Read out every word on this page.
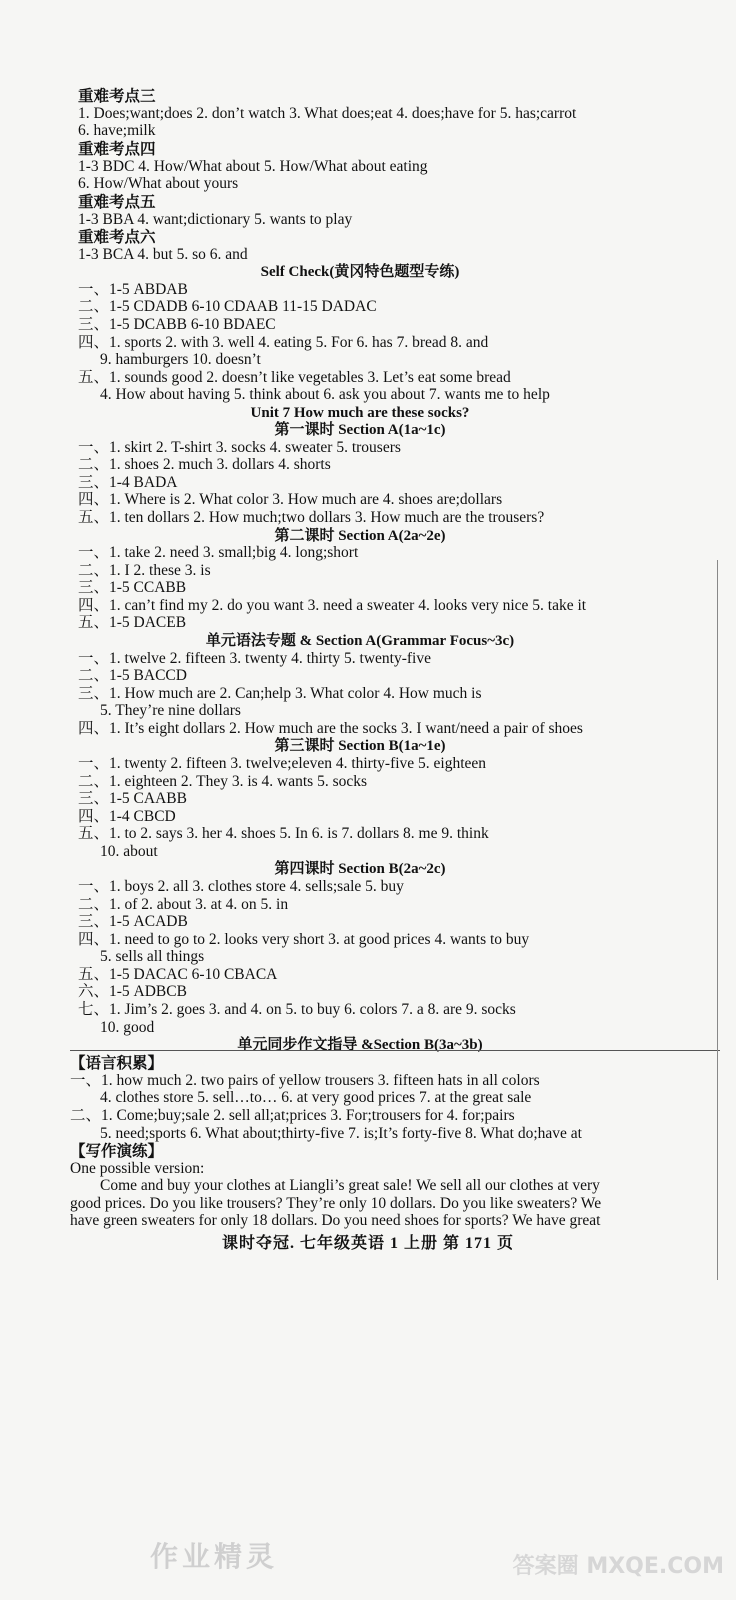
重难考点三
1. Does;want;does 2. don’t watch 3. What does;eat 4. does;have for 5. has;carrot
6. have;milk
重难考点四
1-3 BDC 4. How/What about 5. How/What about eating
6. How/What about yours
重难考点五
1-3 BBA 4. want;dictionary 5. wants to play
重难考点六
1-3 BCA 4. but 5. so 6. and
Self Check(黄冈特色题型专练)
一、1-5 ABDAB
二、1-5 CDADB 6-10 CDAAB 11-15 DADAC
三、1-5 DCABB 6-10 BDAEC
四、1. sports 2. with 3. well 4. eating 5. For 6. has 7. bread 8. and
9. hamburgers 10. doesn’t
五、1. sounds good 2. doesn’t like vegetables 3. Let’s eat some bread
4. How about having 5. think about 6. ask you about 7. wants me to help
Unit 7 How much are these socks?
第一课时 Section A(1a~1c)
一、1. skirt 2. T-shirt 3. socks 4. sweater 5. trousers
二、1. shoes 2. much 3. dollars 4. shorts
三、1-4 BADA
四、1. Where is 2. What color 3. How much are 4. shoes are;dollars
五、1. ten dollars 2. How much;two dollars 3. How much are the trousers?
第二课时 Section A(2a~2e)
一、1. take 2. need 3. small;big 4. long;short
二、1. I 2. these 3. is
三、1-5 CCABB
四、1. can’t find my 2. do you want 3. need a sweater 4. looks very nice 5. take it
五、1-5 DACEB
单元语法专题 & Section A(Grammar Focus~3c)
一、1. twelve 2. fifteen 3. twenty 4. thirty 5. twenty-five
二、1-5 BACCD
三、1. How much are 2. Can;help 3. What color 4. How much is
5. They’re nine dollars
四、1. It’s eight dollars 2. How much are the socks 3. I want/need a pair of shoes
第三课时 Section B(1a~1e)
一、1. twenty 2. fifteen 3. twelve;eleven 4. thirty-five 5. eighteen
二、1. eighteen 2. They 3. is 4. wants 5. socks
三、1-5 CAABB
四、1-4 CBCD
五、1. to 2. says 3. her 4. shoes 5. In 6. is 7. dollars 8. me 9. think
10. about
第四课时 Section B(2a~2c)
一、1. boys 2. all 3. clothes store 4. sells;sale 5. buy
二、1. of 2. about 3. at 4. on 5. in
三、1-5 ACADB
四、1. need to go to 2. looks very short 3. at good prices 4. wants to buy
5. sells all things
五、1-5 DACAC 6-10 CBACA
六、1-5 ADBCB
七、1. Jim’s 2. goes 3. and 4. on 5. to buy 6. colors 7. a 8. are 9. socks
10. good
单元同步作文指导 &Section B(3a~3b)
【语言积累】
一、1. how much 2. two pairs of yellow trousers 3. fifteen hats in all colors
4. clothes store 5. sell…to… 6. at very good prices 7. at the great sale
二、1. Come;buy;sale 2. sell all;at;prices 3. For;trousers for 4. for;pairs
5. need;sports 6. What about;thirty-five 7. is;It’s forty-five 8. What do;have at
【写作演练】
One possible version:
Come and buy your clothes at Liangli’s great sale! We sell all our clothes at very
good prices. Do you like trousers? They’re only 10 dollars. Do you like sweaters? We
have green sweaters for only 18 dollars. Do you need shoes for sports? We have great
课时夺冠. 七年级英语 1 上册 第 171 页
作业精灵	答案圈 MXQE.COM
